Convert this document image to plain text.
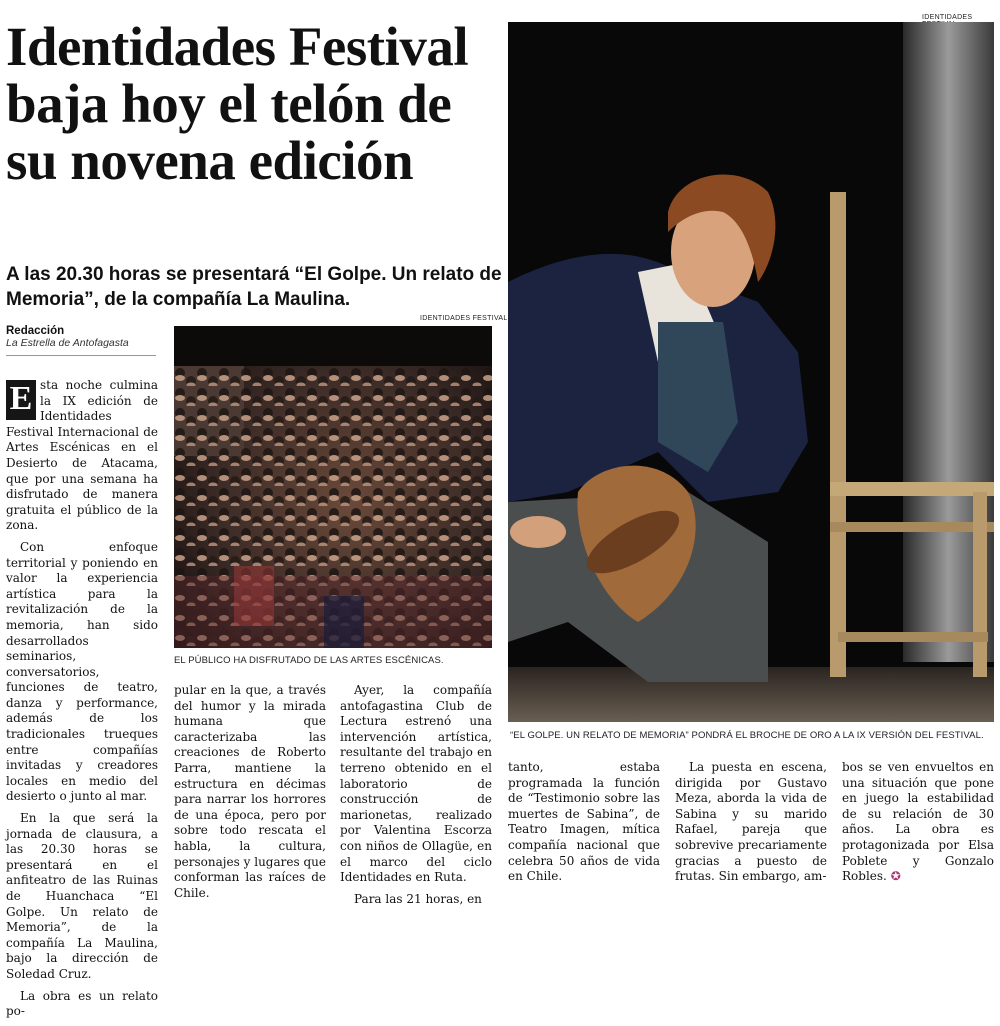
Identidades Festival baja hoy el telón de su novena edición
A las 20.30 horas se presentará “El Golpe. Un relato de Memoria”, de la compañía La Maulina.
Redacción
La Estrella de Antofagasta

E sta noche culmina la IX edición de Identidades Festival Internacional de Artes Escénicas en el Desierto de Atacama, que por una semana ha disfrutado de manera gratuita el público de la zona.

Con enfoque territorial y poniendo en valor la experiencia artística para la revitalización de la memoria, han sido desarrollados seminarios, conversatorios, funciones de teatro, danza y performance, además de los tradicionales trueques entre compañías invitadas y creadores locales en medio del desierto o junto al mar.

En la que será la jornada de clausura, a las 20.30 horas se presentará en el anfiteatro de las Ruinas de Huanchaca “El Golpe. Un relato de Memoria”, de la compañía La Maulina, bajo la dirección de Soledad Cruz.

La obra es un relato po-

IDENTIDADES FESTIVAL
EL PÚBLICO HA DISFRUTADO DE LAS ARTES ESCÉNICAS.
IDENTIDADES
“EL GOLPE. UN RELATO DE MEMORIA” PONDRÁ EL BROCHE DE ORO A LA IX VERSIÓN DEL FESTIVAL.

pular en la que, a través del humor y la mirada humana que caracterizaba las creaciones de Roberto Parra, mantiene la estructura en décimas para narrar los horrores de una época, pero por sobre todo rescata el habla, la cultura, personajes y lugares que conforman las raíces de Chile.

Ayer, la compañía antofagastina Club de Lectura estrenó una intervención artística, resultante del trabajo en terreno obtenido en el laboratorio de construcción de marionetas, realizado por Valentina Escorza con niños de Ollagüe, en el marco del ciclo Identidades en Ruta.

Para las 21 horas, en

tanto, estaba programada la función de “Testimonio sobre las muertes de Sabina”, de Teatro Imagen, mítica compañía nacional que celebra 50 años de vida en Chile.

La puesta en escena, dirigida por Gustavo Meza, aborda la vida de Sabina y su marido Rafael, pareja que sobrevive precariamente gracias a puesto de frutas. Sin embargo, am-

bos se ven envueltos en una situación que pone en juego la estabilidad de su relación de 30 años. La obra es protagonizada por Elsa Poblete y Gonzalo Robles. ✪
